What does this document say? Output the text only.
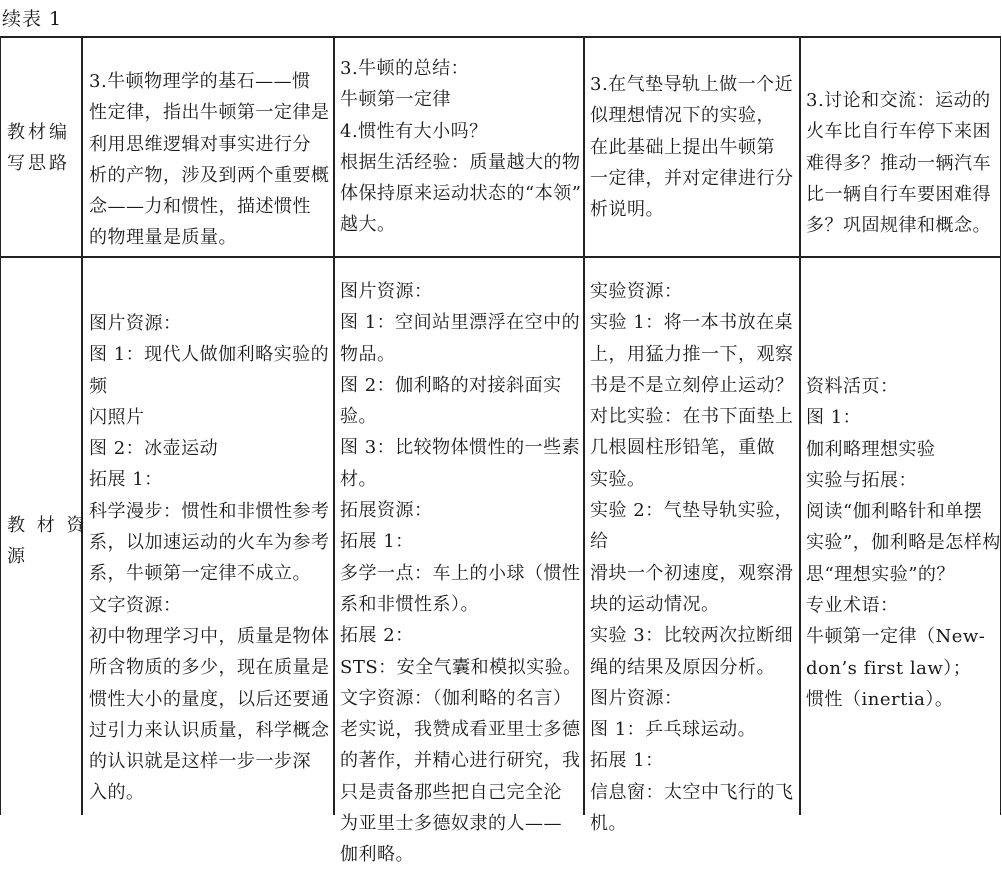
续表 1

教材编

写思路

3.牛顿物理学的基石——惯

性定律，指出牛顿第一定律是

利用思维逻辑对事实进行分

析的产物，涉及到两个重要概

念——力和惯性，描述惯性

的物理量是质量。

3.牛顿的总结：

牛顿第一定律

4.惯性有大小吗？

根据生活经验：质量越大的物

体保持原来运动状态的“本领”

越大。

3.在气垫导轨上做一个近

似理想情况下的实验，

在此基础上提出牛顿第

一定律，并对定律进行分

析说明。

3.讨论和交流：运动的

火车比自行车停下来困

难得多？推动一辆汽车

比一辆自行车要困难得

多？巩固规律和概念。

教 材 资

源

图片资源：

图 1：现代人做伽利略实验的频

闪照片

图 2：冰壶运动

拓展 1：

科学漫步：惯性和非惯性参考

系，以加速运动的火车为参考

系，牛顿第一定律不成立。

文字资源：

初中物理学习中，质量是物体

所含物质的多少，现在质量是

惯性大小的量度，以后还要通

过引力来认识质量，科学概念

的认识就是这样一步一步深

入的。

图片资源：

图 1：空间站里漂浮在空中的

物品。

图 2：伽利略的对接斜面实验。

图 3：比较物体惯性的一些素材。

拓展资源：

拓展 1：

多学一点：车上的小球（惯性

系和非惯性系）。

拓展 2：

STS：安全气囊和模拟实验。

文字资源：（伽利略的名言）

老实说，我赞成看亚里士多德

的著作，并精心进行研究，我

只是责备那些把自己完全沦

为亚里士多德奴隶的人——

伽利略。

实验资源：

实验 1：将一本书放在桌

上，用猛力推一下，观察

书是不是立刻停止运动？

对比实验：在书下面垫上

几根圆柱形铅笔，重做

实验。

实验 2：气垫导轨实验，给

滑块一个初速度，观察滑

块的运动情况。

实验 3：比较两次拉断细

绳的结果及原因分析。

图片资源：

图 1：乒乓球运动。

拓展 1：

信息窗：太空中飞行的飞

机。

资料活页：

图 1：

伽利略理想实验

实验与拓展：

阅读“伽利略针和单摆

实验”，伽利略是怎样构

思“理想实验”的？

专业术语：

牛顿第一定律（New-

don’s first law）；

惯性（inertia）。
